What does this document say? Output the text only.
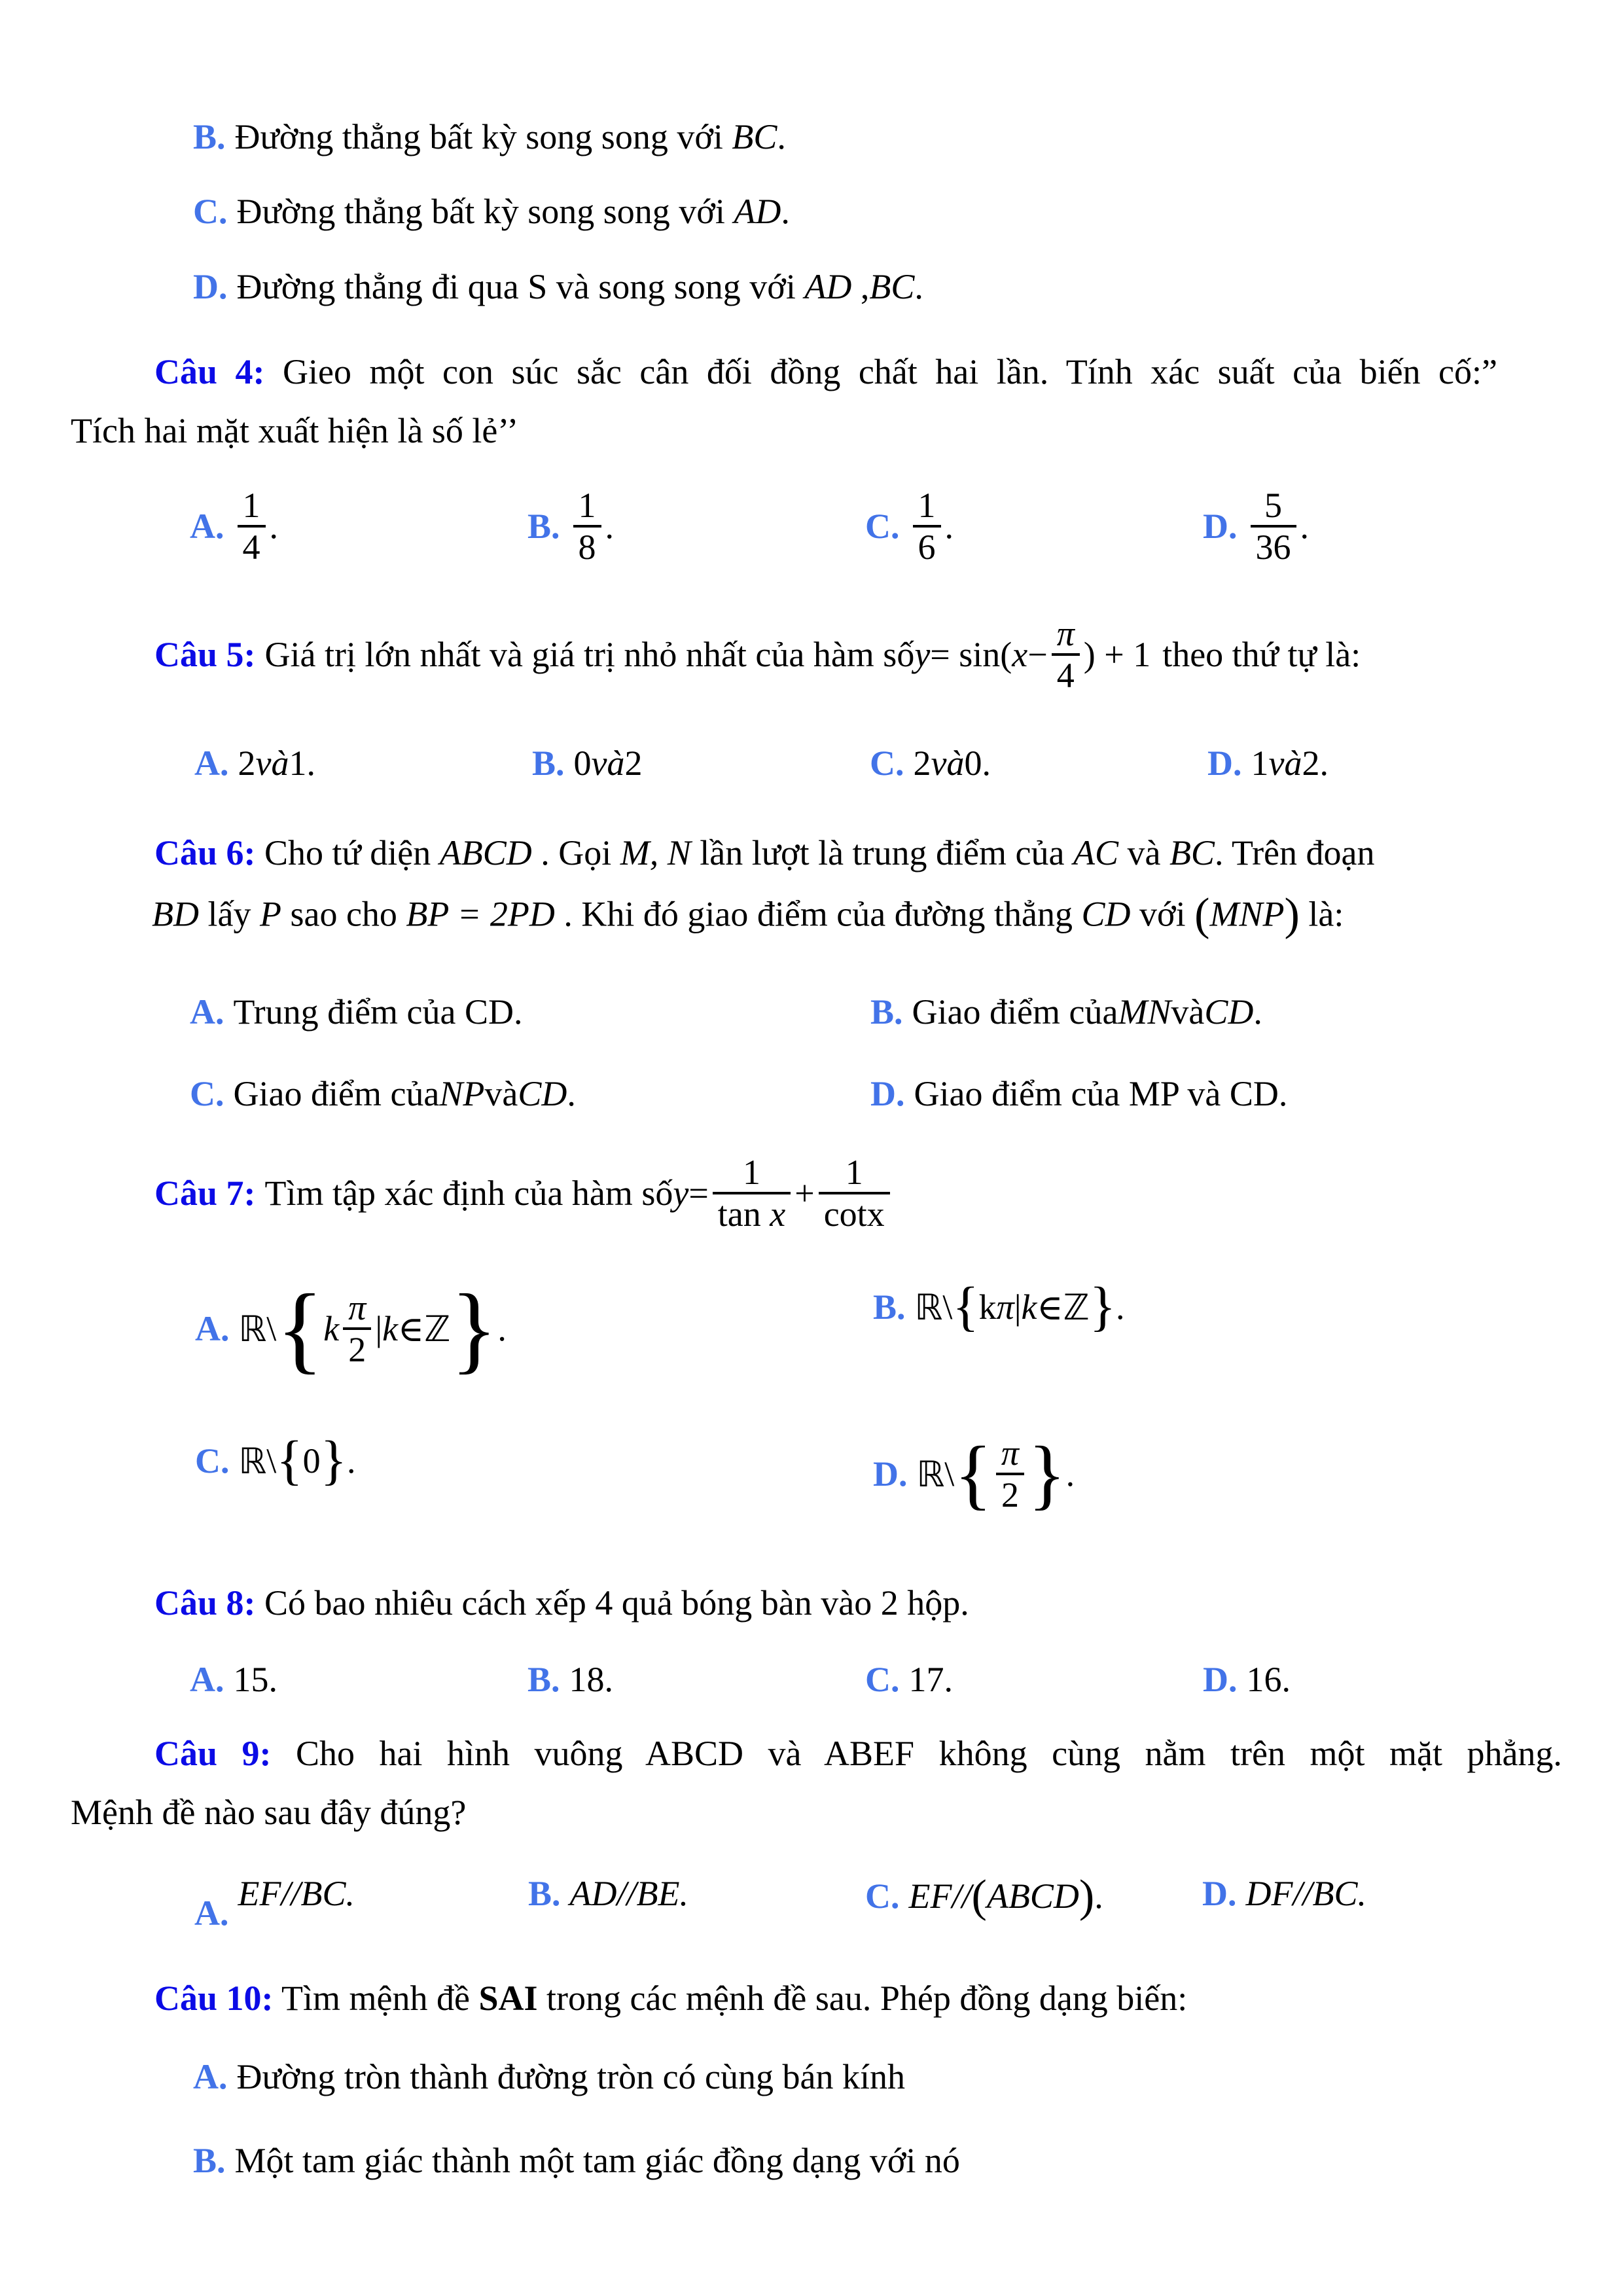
B. Đường thẳng bất kỳ song song với BC.
C. Đường thẳng bất kỳ song song với AD.
D. Đường thẳng đi qua S và song song với AD ,BC.
Câu 4: Gieo một con súc sắc cân đối đồng chất hai lần. Tính xác suất của biến cố:”
Tích hai mặt xuất hiện là số lẻ’’
A. $\frac{1}{4}$ .	B. $\frac{1}{8}$ .	C. $\frac{1}{6}$ .	D. $\frac{5}{36}$ .
Câu 5: Giá trị lớn nhất và giá trị nhỏ nhất của hàm số y = sin( $x - \frac{\pi}{4}$ ) + 1 theo thứ tự là:
A. 2 và 1.	B. 0 và 2	C. 2 và 0.	D. 1 và 2.
Câu 6: Cho tứ diện ABCD . Gọi M, N lần lượt là trung điểm của AC và BC. Trên đoạn
BD lấy P sao cho BP = 2PD . Khi đó giao điểm của đường thẳng CD với (MNP) là:
A. Trung điểm của CD.	B. Giao điểm của MN và CD .
C. Giao điểm của NP và CD .	D. Giao điểm của MP và CD.
Câu 7: Tìm tập xác định của hàm số $y = \frac{1}{\text{tan x}} + \frac{1}{\cot x}$
A. ℝ \ { k $\frac{\pi}{2}$ | k ∈ ℤ } .
B. ℝ \ { k π | k ∈ ℤ } .
C. ℝ \ { 0 } .	D. ℝ \ { $\frac{\pi}{2}$ } .
Câu 8: Có bao nhiêu cách xếp 4 quả bóng bàn vào 2 hộp.
A. 15.	B. 18.	C. 17.	D. 16.
Câu 9: Cho hai hình vuông ABCD và ABEF không cùng nằm trên một mặt phẳng.
Mệnh đề nào sau đây đúng?
A. EF//BC.	B. AD//BE.	C. EF// ( ABCD ) .	D. DF//BC.
Câu 10: Tìm mệnh đề SAI trong các mệnh đề sau. Phép đồng dạng biến:
A. Đường tròn thành đường tròn có cùng bán kính
B. Một tam giác thành một tam giác đồng dạng với nó
